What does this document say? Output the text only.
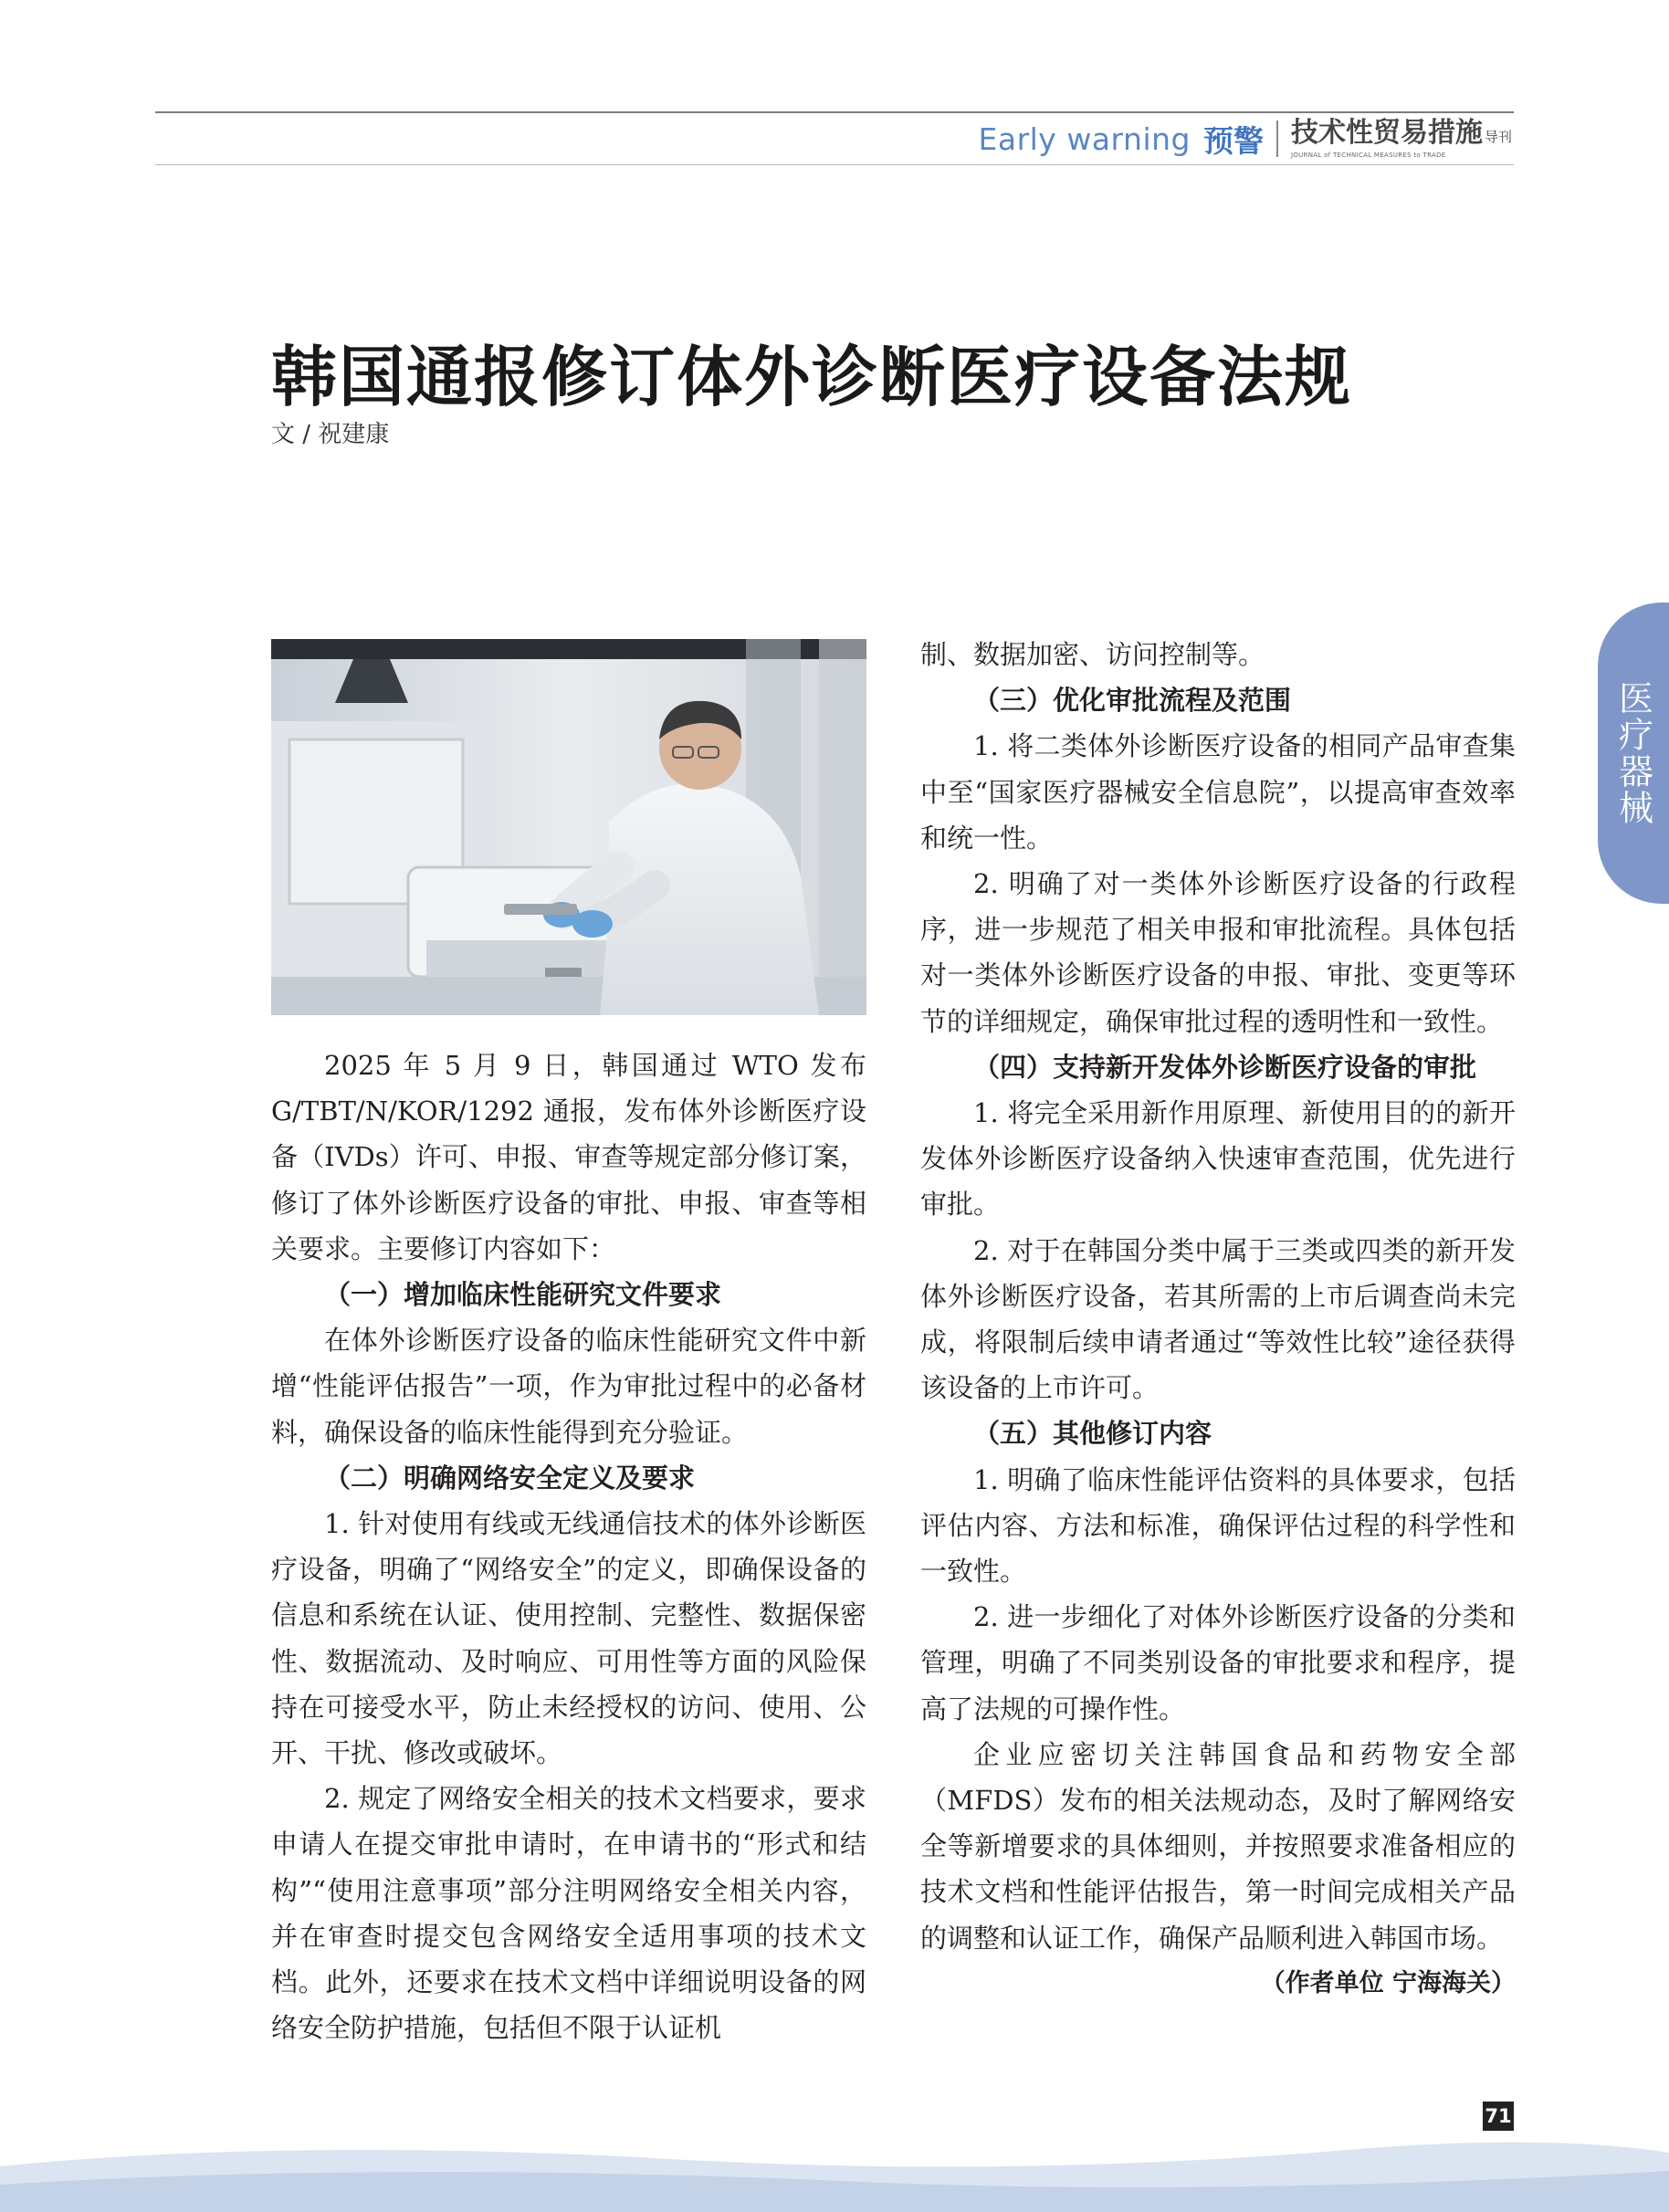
Early warning 预警 技术性贸易措施 导刊
JOURNAL of TECHNICAL MEASURES to TRADE
韩国通报修订体外诊断医疗设备法规
文 / 祝建康
医疗器械

2025 年 5 月 9 日，韩国通过 WTO 发布 G/TBT/N/KOR/1292 通报，发布体外诊断医疗设备（IVDs）许可、申报、审查等规定部分修订案，修订了体外诊断医疗设备的审批、申报、审查等相关要求。主要修订内容如下：

（一）增加临床性能研究文件要求

在体外诊断医疗设备的临床性能研究文件中新增“性能评估报告”一项，作为审批过程中的必备材料，确保设备的临床性能得到充分验证。

（二）明确网络安全定义及要求

1. 针对使用有线或无线通信技术的体外诊断医疗设备，明确了“网络安全”的定义，即确保设备的信息和系统在认证、使用控制、完整性、数据保密性、数据流动、及时响应、可用性等方面的风险保持在可接受水平，防止未经授权的访问、使用、公开、干扰、修改或破坏。

2. 规定了网络安全相关的技术文档要求，要求申请人在提交审批申请时，在申请书的“形式和结构”“使用注意事项”部分注明网络安全相关内容，并在审查时提交包含网络安全适用事项的技术文档。此外，还要求在技术文档中详细说明设备的网络安全防护措施，包括但不限于认证机

制、数据加密、访问控制等。

（三）优化审批流程及范围

1. 将二类体外诊断医疗设备的相同产品审查集中至“国家医疗器械安全信息院”，以提高审查效率和统一性。

2. 明确了对一类体外诊断医疗设备的行政程序，进一步规范了相关申报和审批流程。具体包括对一类体外诊断医疗设备的申报、审批、变更等环节的详细规定，确保审批过程的透明性和一致性。

（四）支持新开发体外诊断医疗设备的审批

1. 将完全采用新作用原理、新使用目的的新开发体外诊断医疗设备纳入快速审查范围，优先进行审批。

2. 对于在韩国分类中属于三类或四类的新开发体外诊断医疗设备，若其所需的上市后调查尚未完成，将限制后续申请者通过“等效性比较”途径获得该设备的上市许可。

（五）其他修订内容

1. 明确了临床性能评估资料的具体要求，包括评估内容、方法和标准，确保评估过程的科学性和一致性。

2. 进一步细化了对体外诊断医疗设备的分类和管理，明确了不同类别设备的审批要求和程序，提高了法规的可操作性。

企业应密切关注韩国食品和药物安全部（MFDS）发布的相关法规动态，及时了解网络安全等新增要求的具体细则，并按照要求准备相应的技术文档和性能评估报告，第一时间完成相关产品的调整和认证工作，确保产品顺利进入韩国市场。

（作者单位 宁海海关）

71
